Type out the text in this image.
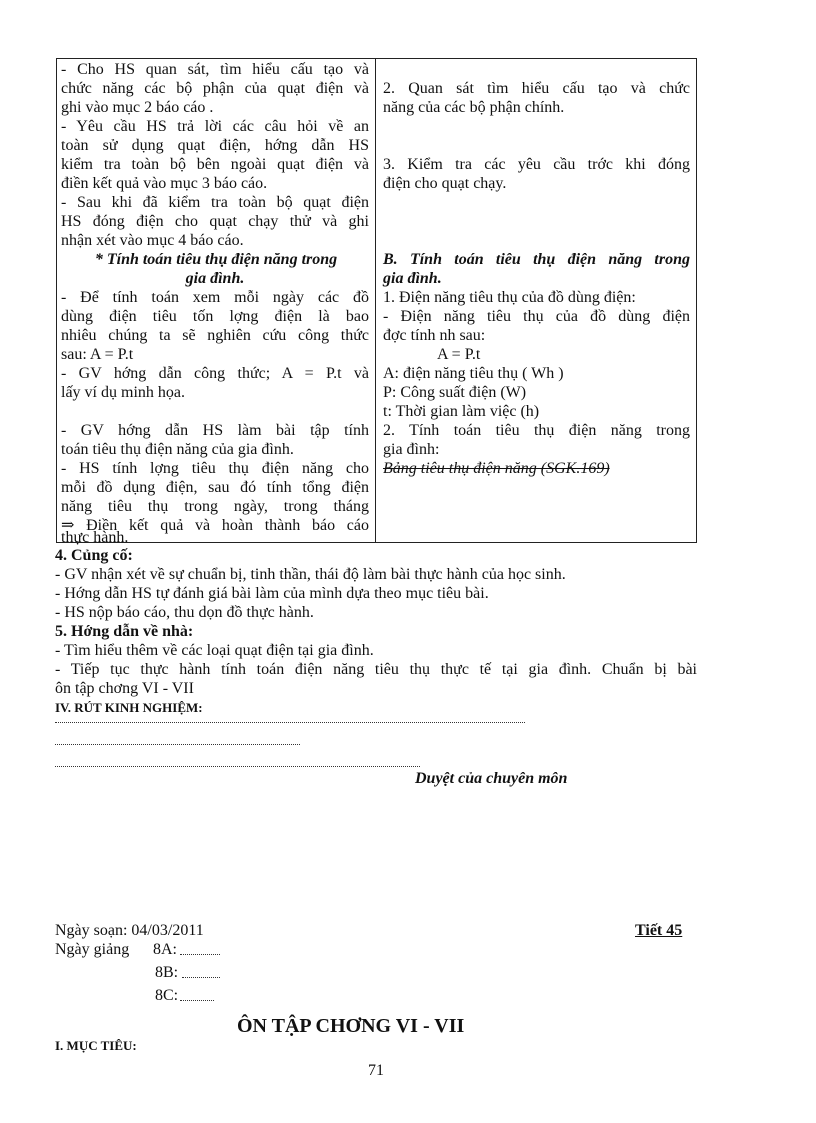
- Cho HS quan sát, tìm hiểu cấu tạo và
chức năng các bộ phận của quạt điện và
ghi vào mục 2 báo cáo .
- Yêu cầu HS trả lời các câu hỏi về an
toàn sử dụng quạt điện, hớng dẫn HS
kiểm tra toàn bộ bên ngoài quạt điện và
điền kết quả vào mục 3 báo cáo.
- Sau khi đã kiểm tra toàn bộ quạt điện
HS đóng điện cho quạt chạy thử và ghi
nhận xét vào mục 4 báo cáo.
* Tính toán tiêu thụ điện năng trong
gia đình.
- Để tính toán xem mỗi ngày các đồ
dùng điện tiêu tốn lợng điện là bao
nhiêu chúng ta sẽ nghiên cứu công thức
sau: A = P.t
- GV hớng dẫn công thức; A = P.t và
lấy ví dụ minh họa.
- GV hớng dẫn HS làm bài tập tính
toán tiêu thụ điện năng của gia đình.
- HS tính lợng tiêu thụ điện năng cho
mỗi đồ dụng điện, sau đó tính tổng điện
năng tiêu thụ trong ngày, trong tháng
⇒ Điền kết quả và hoàn thành báo cáo
thực hành.
2. Quan sát tìm hiểu cấu tạo và chức
năng của các bộ phận chính.
3. Kiểm tra các yêu cầu trớc khi đóng
điện cho quạt chạy.
B. Tính toán tiêu thụ điện năng trong
gia đình.
1. Điện năng tiêu thụ của đồ dùng điện:
- Điện năng tiêu thụ của đồ dùng điện
đợc tính nh sau:
A = P.t
A: điện năng tiêu thụ ( Wh )
P: Công suất điện (W)
t: Thời gian làm việc (h)
2. Tính toán tiêu thụ điện năng trong
gia đình:
Bảng tiêu thụ điện năng (SGK.169)
4. Củng cố:
- GV nhận xét về sự chuẩn bị, tinh thần, thái độ làm bài thực hành của học sinh.
- Hớng dẫn HS tự đánh giá bài làm của mình dựa theo mục tiêu bài.
- HS nộp báo cáo, thu dọn đồ thực hành.
5. Hớng dẫn về nhà:
- Tìm hiểu thêm về các loại quạt điện tại gia đình.
- Tiếp tục thực hành tính toán điện năng tiêu thụ thực tế tại gia đình. Chuẩn bị bài
ôn tập chơng VI - VII
IV. RÚT KINH NGHIỆM:
Duyệt của chuyên môn
Ngày soạn: 04/03/2011	Tiết 45
Ngày giảng 8A:
8B:
8C:
ÔN TẬP CHƠNG VI - VII
I. MỤC TIÊU:
71
